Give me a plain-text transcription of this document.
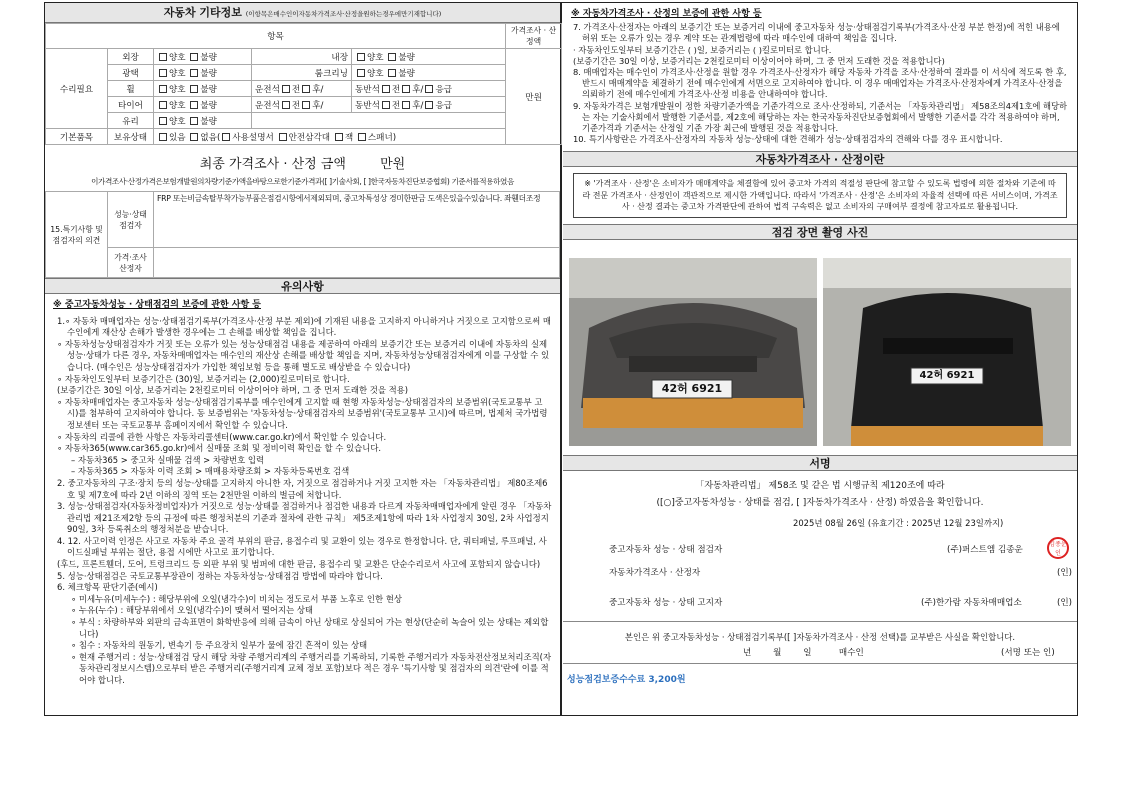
자동차 기타정보 (이항목은매수인이자동차가격조사·산정을원하는경우에만기재합니다)
항목					가격조사 · 산정액
수리필요	외장	양호 불량	내장	양호 불량	만원
	광택	양호 불량	룸크리닝	양호 불량	
	휠	양호 불량	운전석 전 후/	동반석 전 후/ 응급	
	타이어	양호 불량	운전석 전 후/	동반석 전 후/ 응급	
	유리	양호 불량			
기본품목	보유상태	있음 없음( 사용설명서 안전삼각대 잭 스패너)			
최종 가격조사 · 산정 금액	만원
이가격조사·산정가격은보험개발원의차량기준가액을바탕으로한기준가격과([ ]기술사회, [ ]한국자동차진단보증협회) 기준서를적용하였음
15.특기사항 및 점검자의 의견	성능·상태 점검자	FRP 또는비금속탈부착가능부품은점검시항에서제외되며, 중고차특성상 경미한판금 도색은있을수있습니다. 좌휀더조정
	가격·조사 산정자	
유의사항
※ 중고자동차성능 · 상태점검의 보증에 관한 사항 등
1.∘ 자동차 매매업자는 성능·상태점검기록부(가격조사·산정 부분 제외)에 기재된 내용을 고지하지 아니하거나 거짓으로 고지함으로써 매수인에게 재산상 손해가 발생한 경우에는 그 손해를 배상할 책임을 집니다.
∘ 자동차성능상태점검자가 거짓 또는 오류가 있는 성능상태점검 내용을 제공하여 아래의 보증기간 또는 보증거리 이내에 자동차의 실제 성능·상태가 다른 경우, 자동차매매업자는 매수인의 재산상 손해를 배상할 책임을 지며, 자동차성능상태점검자에게 이를 구상할 수 있습니다. (매수인은 성능상태점검자가 가입한 책임보험 등을 통해 별도로 배상받을 수 있습니다)
∘ 자동차인도일부터 보증기간은 (30)일, 보증거리는 (2,000)킬로미터로 합니다.
(보증기간은 30일 이상, 보증거리는 2천킬로미터 이상이어야 하며, 그 중 먼저 도래한 것을 적용)
∘ 자동차매매업자는 중고자동차 성능·상태점검기록부를 매수인에게 고지할 때 현행 자동차성능·상태점검자의 보증범위(국토교통부 고시)를 첨부하여 고지하여야 합니다. 동 보증범위는 '자동차성능·상태점검자의 보증범위'(국토교통부 고시)에 따르며, 법제처 국가법령정보센터 또는 국토교통부 홈페이지에서 확인할 수 있습니다.
∘ 자동차의 리콜에 관한 사항은 자동차리콜센터(www.car.go.kr)에서 확인할 수 있습니다.
∘ 자동차365(www.car365.go.kr)에서 실매물 조회 및 정비이력 확인을 할 수 있습니다.
– 자동차365 > 중고차 실매물 검색 > 차량번호 입력
– 자동차365 > 자동차 이력 조회 > 매매용차량조회 > 자동차등록번호 검색
2. 중고자동차의 구조·장치 등의 성능·상태를 고지하지 아니한 자, 거짓으로 점검하거나 거짓 고지한 자는 「자동차관리법」 제80조제6호 및 제7호에 따라 2년 이하의 징역 또는 2천만원 이하의 벌금에 처합니다.
3. 성능·상태점검자(자동차정비업자)가 거짓으로 성능·상태를 점검하거나 점검한 내용과 다르게 자동차매매업자에게 알린 경우 「자동차관리법 제21조제2항 등의 규정에 따른 행정처분의 기준과 절차에 관한 규칙」 제5조제1항에 따라 1차 사업정지 30일, 2차 사업정지 90일, 3차 등록취소의 행정처분을 받습니다.
4. 12. 사고이력 인정은 사고로 자동차 주요 골격 부위의 판금, 용접수리 및 교환이 있는 경우로 한정합니다. 단, 쿼터패널, 루프패널, 사이드실패널 부위는 절단, 용접 시에만 사고로 표기합니다.
(후드, 프론트휀더, 도어, 트렁크리드 등 외판 부위 및 범퍼에 대한 판금, 용접수리 및 교환은 단순수리로서 사고에 포함되지 않습니다)
5. 성능·상태점검은 국토교통부장관이 정하는 자동차성능·상태점검 방법에 따라야 합니다.
6. 체크항목 판단기준(예시)
∘ 미세누유(미세누수) : 해당부위에 오일(냉각수)이 비치는 정도로서 부품 노후로 인한 현상
∘ 누유(누수) : 해당부위에서 오일(냉각수)이 맺혀서 떨어지는 상태
∘ 부식 : 차량하부와 외판의 금속표면이 화학반응에 의해 금속이 아닌 상태로 상실되어 가는 현상(단순히 녹슬어 있는 상태는 제외합니다)
∘ 침수 : 자동차의 원동기, 변속기 등 주요장치 일부가 물에 잠긴 흔적이 있는 상태
∘ 현재 주행거리 : 성능·상태점검 당시 해당 차량 주행거리계의 주행거리를 기록하되, 기록한 주행거리가 자동차전산정보처리조직(자동차관리정보시스템)으로부터 받은 주행거리(주행거리계 교체 정보 포함)보다 적은 경우 '특기사항 및 점검자의 의견'란에 이를 적어야 합니다.
※ 자동차가격조사 · 산정의 보증에 관한 사항 등

7. 가격조사·산정자는 아래의 보증기간 또는 보증거리 이내에 중고자동차 성능·상태점검기록부(가격조사·산정 부분 한정)에 적힌 내용에 허위 또는 오류가 있는 경우 계약 또는 관계법령에 따라 매수인에 대하여 책임을 집니다.

· 자동차인도일부터 보증기간은 ( )일, 보증거리는 ( )킬로미터로 합니다.

(보증기간은 30일 이상, 보증거리는 2천킬로미터 이상이어야 하며, 그 중 먼저 도래한 것을 적용합니다)

8. 매매업자는 매수인이 가격조사·산정을 원할 경우 가격조사·산정자가 해당 자동차 가격을 조사·산정하여 결과를 이 서식에 적도록 한 후, 반드시 매매계약을 체결하기 전에 매수인에게 서면으로 고지하여야 합니다. 이 경우 매매업자는 가격조사·산정자에게 가격조사·산정을 의뢰하기 전에 매수인에게 가격조사·산정 비용을 안내하여야 합니다.

9. 자동차가격은 보험개발원이 정한 차량기준가액을 기준가격으로 조사·산정하되, 기준서는 「자동차관리법」 제58조의4제1호에 해당하는 자는 기술사회에서 발행한 기준서를, 제2호에 해당하는 자는 한국자동차진단보증협회에서 발행한 기준서를 각각 적용하여야 하며, 기준가격과 기준서는 산정일 기준 가장 최근에 발행된 것을 적용합니다.

10. 특기사항란은 가격조사·산정자의 자동차 성능·상태에 대한 견해가 성능·상태점검자의 견해와 다를 경우 표시합니다.

자동차가격조사 · 산정이란
※ '가격조사 · 산정'은 소비자가 매매계약을 체결함에 있어 중고차 가격의 적절성 판단에 참고할 수 있도록 법령에 의한 절차와 기준에 따라 전문 가격조사 · 산정인이 객관적으로 제시한 가액입니다. 따라서 '가격조사 · 산정'은 소비자의 자율적 선택에 따른 서비스이며, 가격조사 · 산정 결과는 중고차 가격판단에 관하여 법적 구속력은 없고 소비자의 구매여부 결정에 참고자료로 활용됩니다.
점검 장면 촬영 사진
42허 6921
42허 6921
서명
「자동차관리법」 제58조 및 같은 법 시행규칙 제120조에 따라
([○]중고자동차성능 · 상태를 점검, [ ]자동차가격조사 · 산정) 하였음을 확인합니다.
2025년 08월 26일 (유효기간 : 2025년 12월 23일까지)
중고자동차 성능 · 상태 점검자	(주)퍼스트엠 김종운
김종운인
자동차가격조사 · 산정자	(인)
중고자동차 성능 · 상태 고지자	(주)한가람 자동차매매업소	(인)
본인은 위 중고자동차성능 · 상태점검기록부([ ]자동차가격조사 · 산정 선택)를 교부받은 사실을 확인합니다.
년        월        일          매수인	(서명 또는 인)
성능점검보증수수료 3,200원
